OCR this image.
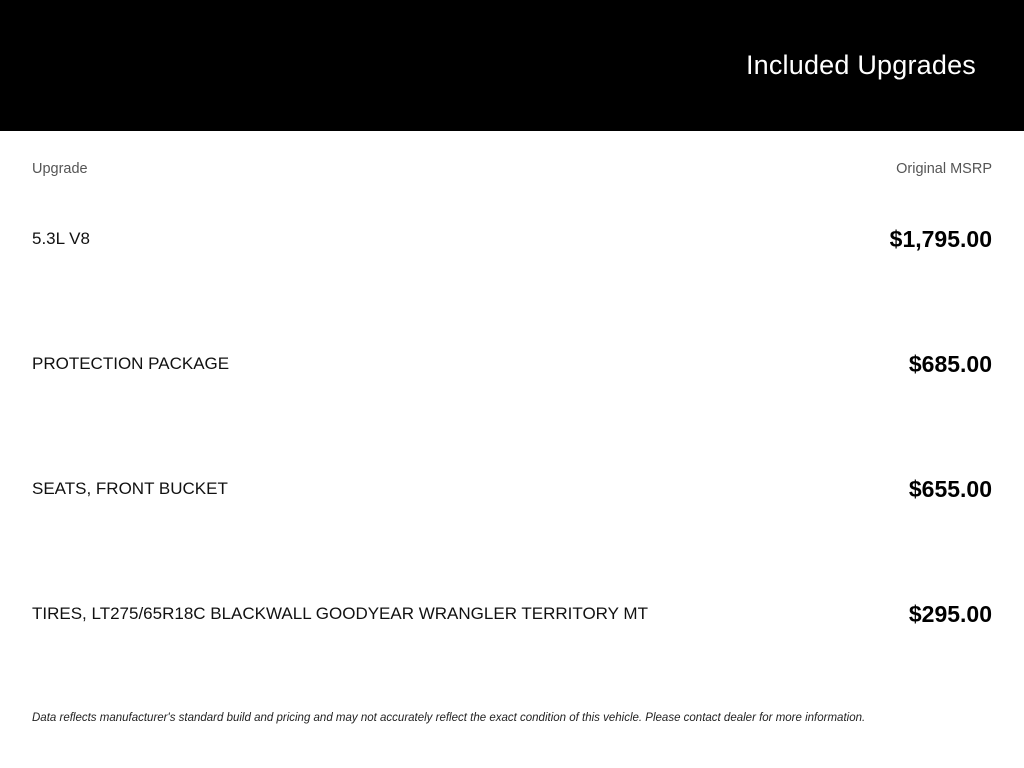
Included Upgrades
Upgrade	Original MSRP
5.3L V8	$1,795.00
PROTECTION PACKAGE	$685.00
SEATS, FRONT BUCKET	$655.00
TIRES, LT275/65R18C BLACKWALL GOODYEAR WRANGLER TERRITORY MT	$295.00
Data reflects manufacturer's standard build and pricing and may not accurately reflect the exact condition of this vehicle. Please contact dealer for more information.
